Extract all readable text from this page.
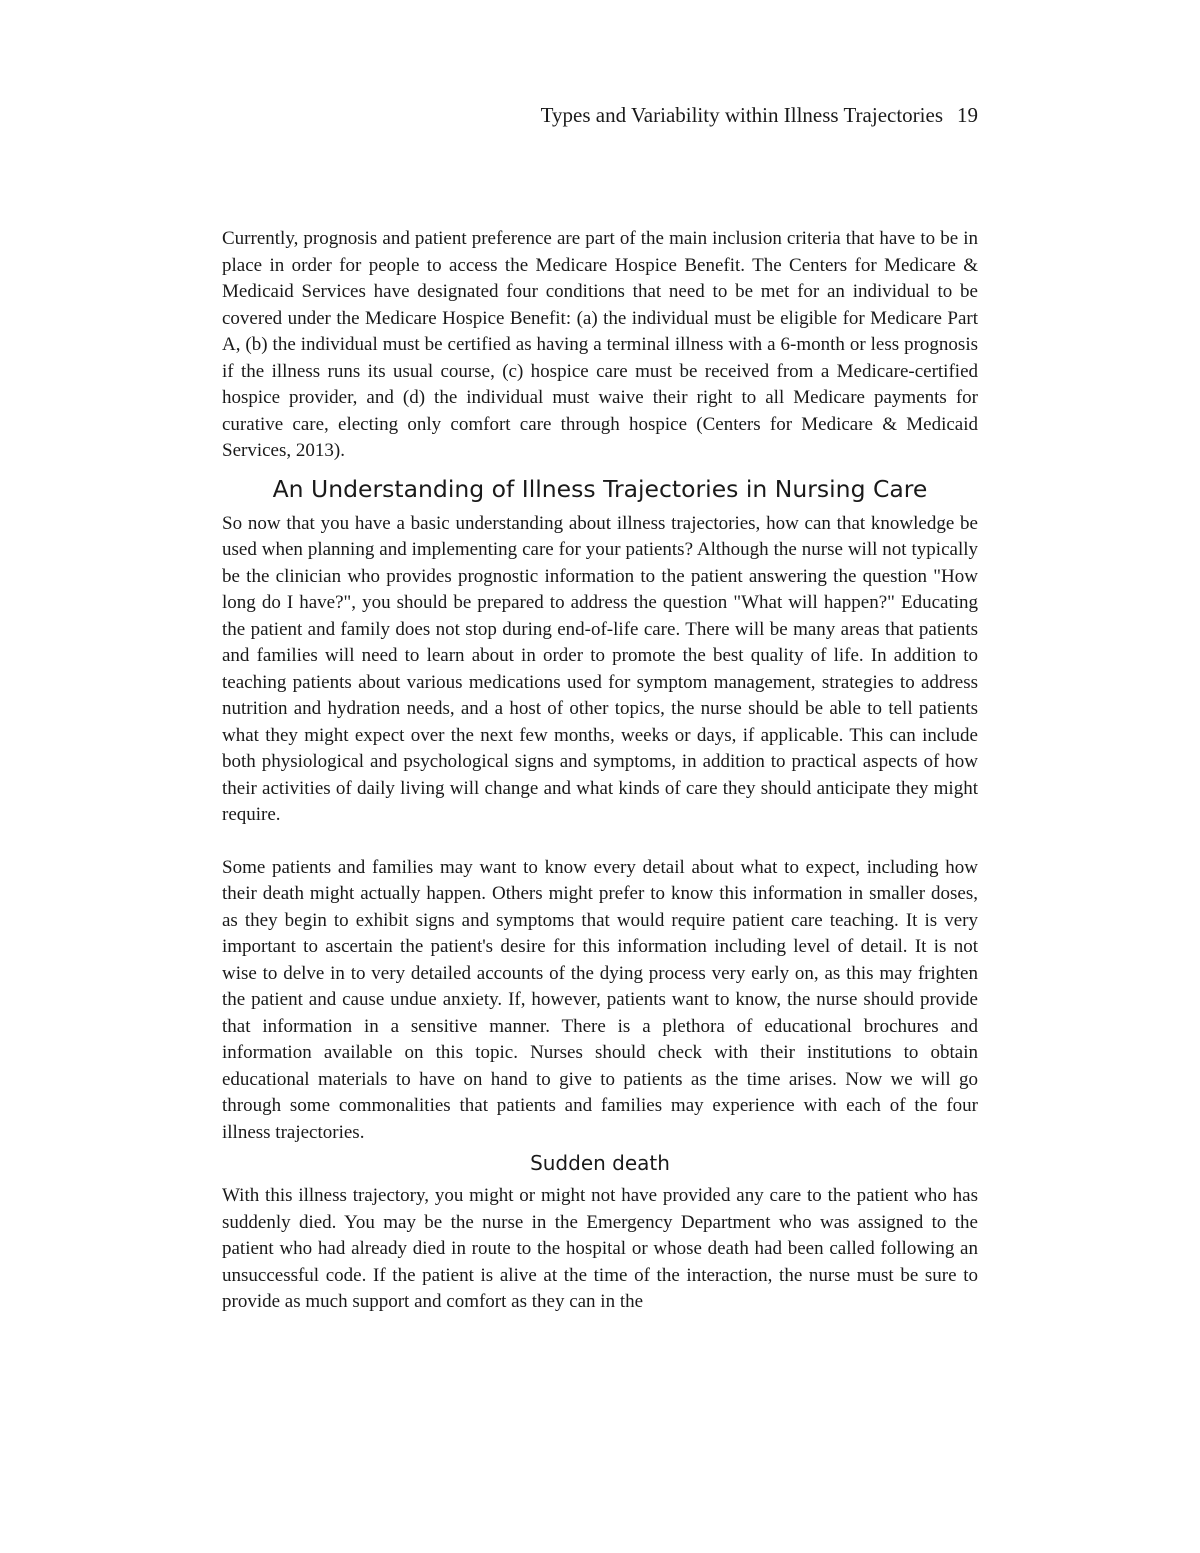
Types and Variability within Illness Trajectories 19

Currently, prognosis and patient preference are part of the main inclusion criteria that have to be in place in order for people to access the Medicare Hospice Benefit. The Centers for Medicare & Medicaid Services have designated four conditions that need to be met for an individual to be covered under the Medicare Hospice Benefit: (a) the individual must be eligible for Medicare Part A, (b) the individual must be certified as having a terminal illness with a 6-month or less prognosis if the illness runs its usual course, (c) hospice care must be received from a Medicare-certified hospice provider, and (d) the individual must waive their right to all Medicare payments for curative care, electing only comfort care through hospice (Centers for Medicare & Medicaid Services, 2013).

An Understanding of Illness Trajectories in Nursing Care

So now that you have a basic understanding about illness trajectories, how can that knowledge be used when planning and implementing care for your patients? Although the nurse will not typically be the clinician who provides prognostic information to the patient answering the question "How long do I have?", you should be prepared to address the question "What will happen?" Educating the patient and family does not stop during end-of-life care. There will be many areas that patients and families will need to learn about in order to promote the best quality of life. In addition to teaching patients about various medications used for symptom management, strategies to address nutrition and hydration needs, and a host of other topics, the nurse should be able to tell patients what they might expect over the next few months, weeks or days, if applicable. This can include both physiological and psychological signs and symptoms, in addition to practical aspects of how their activities of daily living will change and what kinds of care they should anticipate they might require.

Some patients and families may want to know every detail about what to expect, including how their death might actually happen. Others might prefer to know this information in smaller doses, as they begin to exhibit signs and symptoms that would require patient care teaching. It is very important to ascertain the patient's desire for this information including level of detail. It is not wise to delve in to very detailed accounts of the dying process very early on, as this may frighten the patient and cause undue anxiety. If, however, patients want to know, the nurse should provide that information in a sensitive manner. There is a plethora of educational brochures and information available on this topic. Nurses should check with their institutions to obtain educational materials to have on hand to give to patients as the time arises. Now we will go through some commonalities that patients and families may experience with each of the four illness trajectories.

Sudden death

With this illness trajectory, you might or might not have provided any care to the patient who has suddenly died. You may be the nurse in the Emergency Department who was assigned to the patient who had already died in route to the hospital or whose death had been called following an unsuccessful code. If the patient is alive at the time of the interaction, the nurse must be sure to provide as much support and comfort as they can in the
